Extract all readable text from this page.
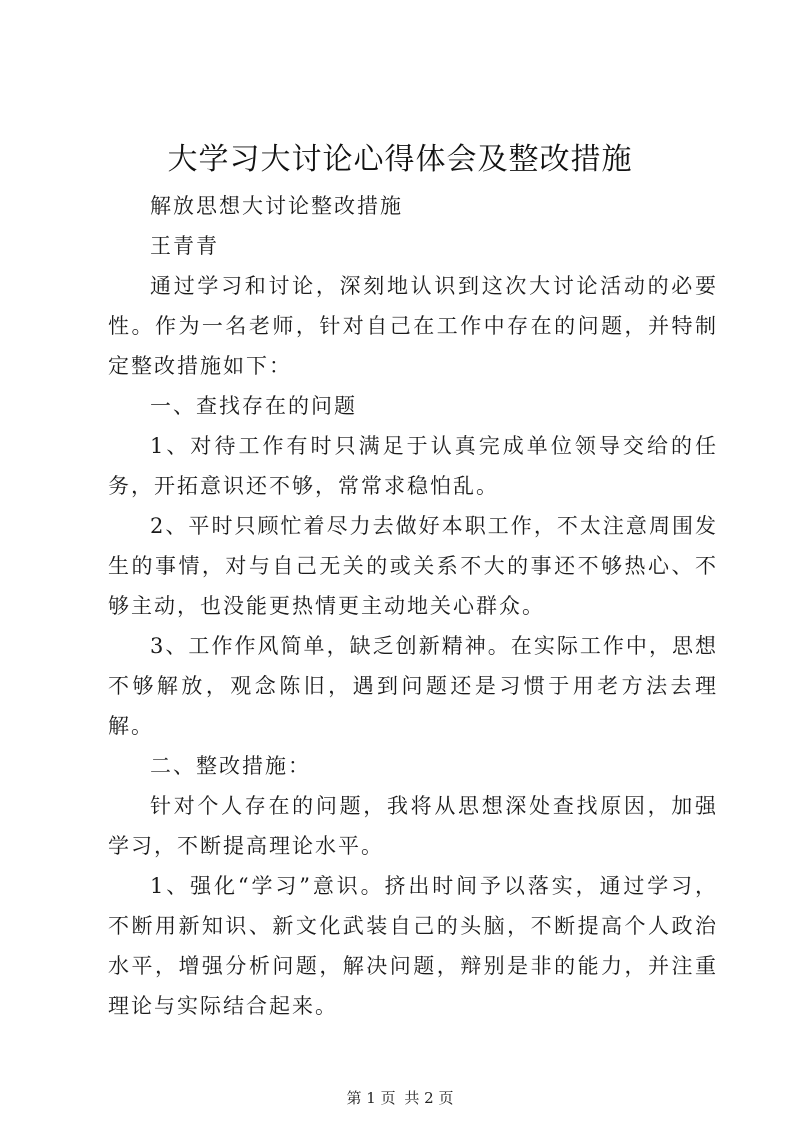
大学习大讨论心得体会及整改措施

解放思想大讨论整改措施

王青青

通过学习和讨论，深刻地认识到这次大讨论活动的必要性。作为一名老师，针对自己在工作中存在的问题，并特制定整改措施如下：

一、查找存在的问题

1、对待工作有时只满足于认真完成单位领导交给的任务，开拓意识还不够，常常求稳怕乱。

2、平时只顾忙着尽力去做好本职工作，不太注意周围发生的事情，对与自己无关的或关系不大的事还不够热心、不够主动，也没能更热情更主动地关心群众。

3、工作作风简单，缺乏创新精神。在实际工作中，思想不够解放，观念陈旧，遇到问题还是习惯于用老方法去理解。

二、整改措施：

针对个人存在的问题，我将从思想深处查找原因，加强学习，不断提高理论水平。

1、强化“学习”意识。挤出时间予以落实，通过学习，不断用新知识、新文化武装自己的头脑，不断提高个人政治水平，增强分析问题，解决问题，辩别是非的能力，并注重理论与实际结合起来。

第 1 页 共 2 页
